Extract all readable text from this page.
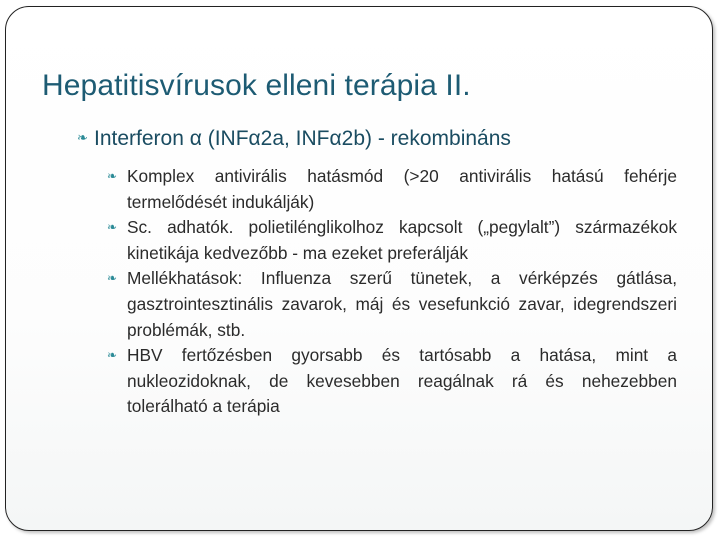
Hepatitisvírusok elleni terápia II.
❧ Interferon α (INFα2a, INFα2b) - rekombináns
❧ Komplex antivirális hatásmód (>20 antivirális hatású fehérje termelődését indukálják)
❧ Sc. adhatók. polietilénglikolhoz kapcsolt („pegylalt”) származékok kinetikája kedvezőbb - ma ezeket preferálják
❧ Mellékhatások: Influenza szerű tünetek, a vérképzés gátlása, gasztrointesztinális zavarok, máj és vesefunkció zavar, idegrendszeri problémák, stb.
❧ HBV fertőzésben gyorsabb és tartósabb a hatása, mint a nukleozidoknak, de kevesebben reagálnak rá és nehezebben tolerálható a terápia
